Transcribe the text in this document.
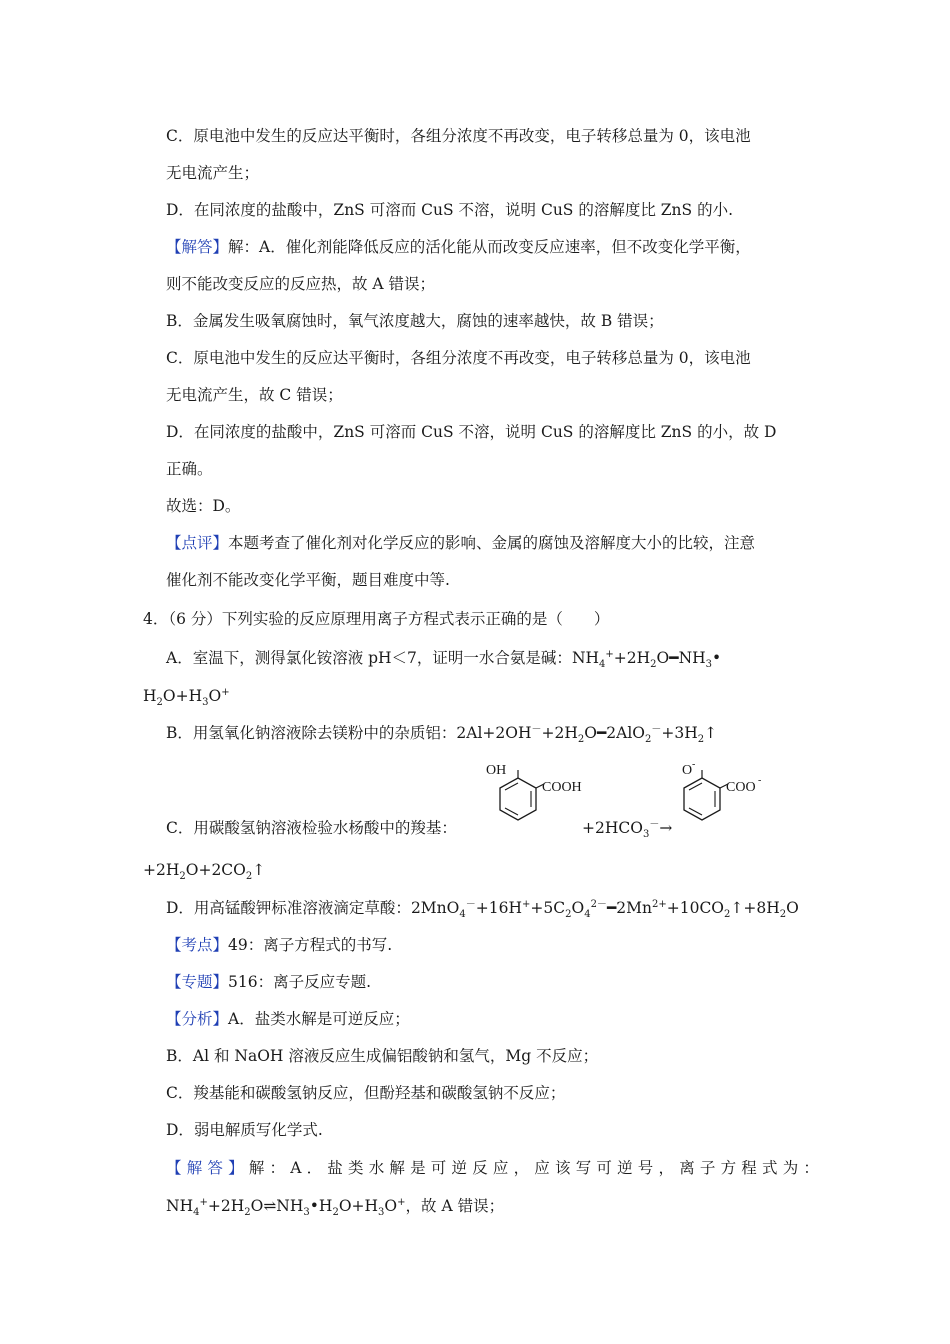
C．原电池中发生的反应达平衡时，各组分浓度不再改变，电子转移总量为 0，该电池
无电流产生；
D．在同浓度的盐酸中，ZnS 可溶而 CuS 不溶，说明 CuS 的溶解度比 ZnS 的小.
【解答】解：A．催化剂能降低反应的活化能从而改变反应速率，但不改变化学平衡，
则不能改变反应的反应热，故 A 错误；
B．金属发生吸氧腐蚀时，氧气浓度越大，腐蚀的速率越快，故 B 错误；
C．原电池中发生的反应达平衡时，各组分浓度不再改变，电子转移总量为 0，该电池
无电流产生，故 C 错误；
D．在同浓度的盐酸中，ZnS 可溶而 CuS 不溶，说明 CuS 的溶解度比 ZnS 的小，故 D
正确。
故选：D。
【点评】本题考查了催化剂对化学反应的影响、金属的腐蚀及溶解度大小的比较，注意
催化剂不能改变化学平衡，题目难度中等.
4．（6 分）下列实验的反应原理用离子方程式表示正确的是（　　）
A．室温下，测得氯化铵溶液 pH＜7，证明一水合氨是碱：$NH_4^++2H_2O━NH_3•$
$H_2O+H_3O^+$
B．用氢氧化钠溶液除去镁粉中的杂质铝：$2Al+2OH^-+2H_2O━2AlO_2^-+3H_2↑$
OH
COOH
O -
COO -
C．用碳酸氢钠溶液检验水杨酸中的羧基：	$+2HCO_3^-\to$
$+2H_2O+2CO_2↑$
D．用高锰酸钾标准溶液滴定草酸：$2MnO_4^-+16H^++5C_2O_4^{2-}━2Mn^{2+}+10CO_2↑+8H_2O$
【考点】49：离子方程式的书写.
【专题】516：离子反应专题.
【分析】A．盐类水解是可逆反应；
B．Al 和 NaOH 溶液反应生成偏铝酸钠和氢气，Mg 不反应；
C．羧基能和碳酸氢钠反应，但酚羟基和碳酸氢钠不反应；
D．弱电解质写化学式.
【解答】解：A．盐类水解是可逆反应，应该写可逆号，离子方程式为：
$NH_4^++2H_2O\rightleftharpoons NH_3•H_2O+H_3O^+$，故 A 错误；
